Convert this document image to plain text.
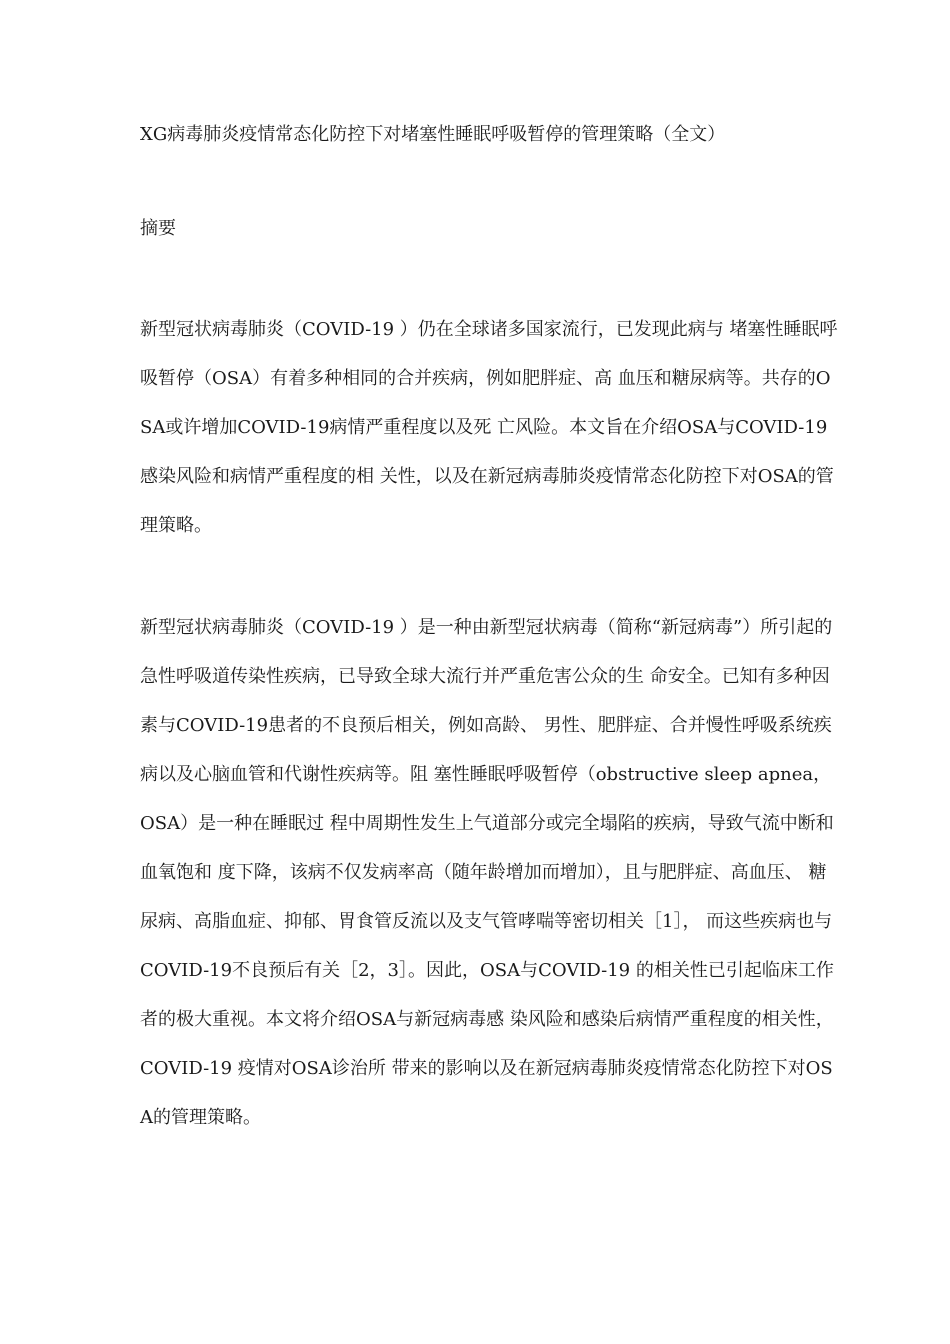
XG病毒肺炎疫情常态化防控下对堵塞性睡眠呼吸暂停的管理策略（全文）
摘要

新型冠状病毒肺炎（COVID-19 ）仍在全球诸多国家流行，已发现此病与 堵塞性睡眠呼吸暂停（OSA）有着多种相同的合并疾病，例如肥胖症、高 血压和糖尿病等。共存的OSA或许增加COVID-19病情严重程度以及死 亡风险。本文旨在介绍OSA与COVID-19感染风险和病情严重程度的相 关性，以及在新冠病毒肺炎疫情常态化防控下对OSA的管理策略。

新型冠状病毒肺炎（COVID-19 ）是一种由新型冠状病毒（简称“新冠病毒”）所引起的急性呼吸道传染性疾病，已导致全球大流行并严重危害公众的生 命安全。已知有多种因素与COVID-19患者的不良预后相关，例如高龄、 男性、肥胖症、合并慢性呼吸系统疾病以及心脑血管和代谢性疾病等。阻 塞性睡眠呼吸暂停（obstructive sleep apnea，OSA）是一种在睡眠过 程中周期性发生上气道部分或完全塌陷的疾病，导致气流中断和血氧饱和 度下降，该病不仅发病率高（随年龄增加而增加），且与肥胖症、高血压、 糖尿病、高脂血症、抑郁、胃食管反流以及支气管哮喘等密切相关［1］， 而这些疾病也与COVID-19不良预后有关［2，3］。因此，OSA与COVID-19 的相关性已引起临床工作者的极大重视。本文将介绍OSA与新冠病毒感 染风险和感染后病情严重程度的相关性，COVID-19 疫情对OSA诊治所 带来的影响以及在新冠病毒肺炎疫情常态化防控下对OSA的管理策略。
